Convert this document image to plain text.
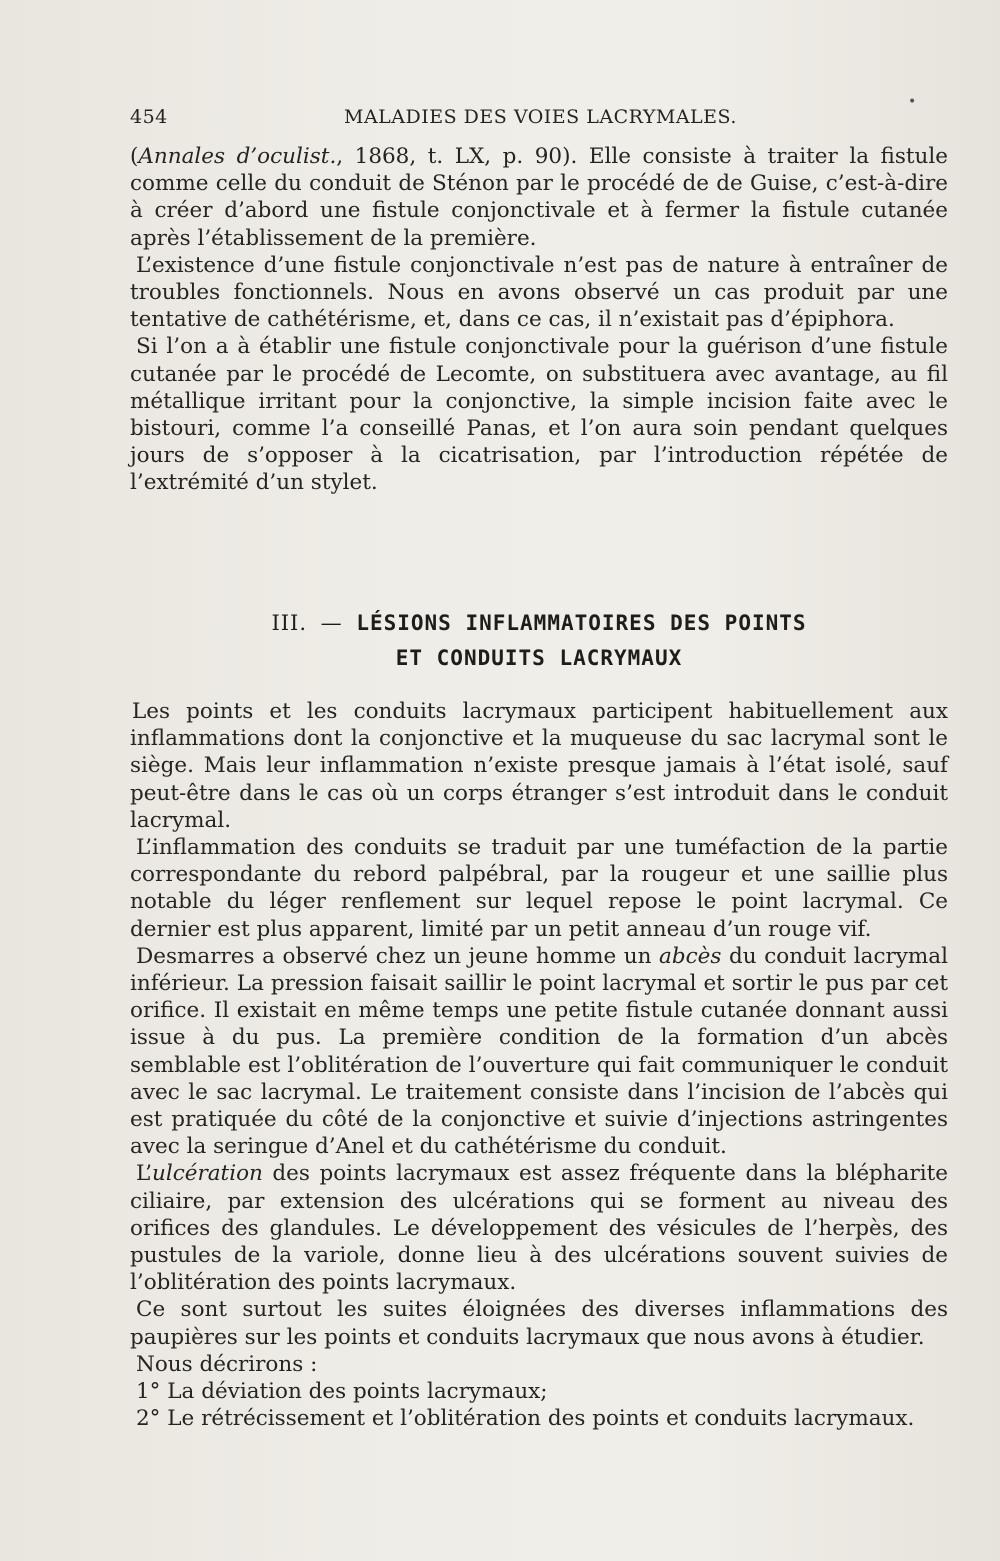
454	MALADIES DES VOIES LACRYMALES.
•

(Annales d’oculist., 1868, t. LX, p. 90). Elle consiste à traiter la fistule comme celle du conduit de Sténon par le procédé de de Guise, c’est-à-dire à créer d’abord une fistule conjonctivale et à fermer la fistule cutanée après l’établissement de la première.

L’existence d’une fistule conjonctivale n’est pas de nature à entraîner de troubles fonctionnels. Nous en avons observé un cas produit par une tentative de cathétérisme, et, dans ce cas, il n’existait pas d’épiphora.

Si l’on a à établir une fistule conjonctivale pour la guérison d’une fistule cutanée par le procédé de Lecomte, on substituera avec avantage, au fil métallique irritant pour la conjonctive, la simple incision faite avec le bistouri, comme l’a conseillé Panas, et l’on aura soin pendant quelques jours de s’opposer à la cicatrisation, par l’introduction répétée de l’extrémité d’un stylet.

III. — LÉSIONS INFLAMMATOIRES DES POINTS
ET CONDUITS LACRYMAUX

Les points et les conduits lacrymaux participent habituellement aux inflammations dont la conjonctive et la muqueuse du sac lacrymal sont le siège. Mais leur inflammation n’existe presque jamais à l’état isolé, sauf peut-être dans le cas où un corps étranger s’est introduit dans le conduit lacrymal.

L’inflammation des conduits se traduit par une tuméfaction de la partie correspondante du rebord palpébral, par la rougeur et une saillie plus notable du léger renflement sur lequel repose le point lacrymal. Ce dernier est plus apparent, limité par un petit anneau d’un rouge vif.

Desmarres a observé chez un jeune homme un abcès du conduit lacrymal inférieur. La pression faisait saillir le point lacrymal et sortir le pus par cet orifice. Il existait en même temps une petite fistule cutanée donnant aussi issue à du pus. La première condition de la formation d’un abcès semblable est l’oblitération de l’ouverture qui fait communiquer le conduit avec le sac lacrymal. Le traitement consiste dans l’incision de l’abcès qui est pratiquée du côté de la conjonctive et suivie d’injections astringentes avec la seringue d’Anel et du cathétérisme du conduit.

L’ulcération des points lacrymaux est assez fréquente dans la blépharite ciliaire, par extension des ulcérations qui se forment au niveau des orifices des glandules. Le développement des vésicules de l’herpès, des pustules de la variole, donne lieu à des ulcérations souvent suivies de l’oblitération des points lacrymaux.

Ce sont surtout les suites éloignées des diverses inflammations des paupières sur les points et conduits lacrymaux que nous avons à étudier.

Nous décrirons :

1° La déviation des points lacrymaux;

2° Le rétrécissement et l’oblitération des points et conduits lacrymaux.
